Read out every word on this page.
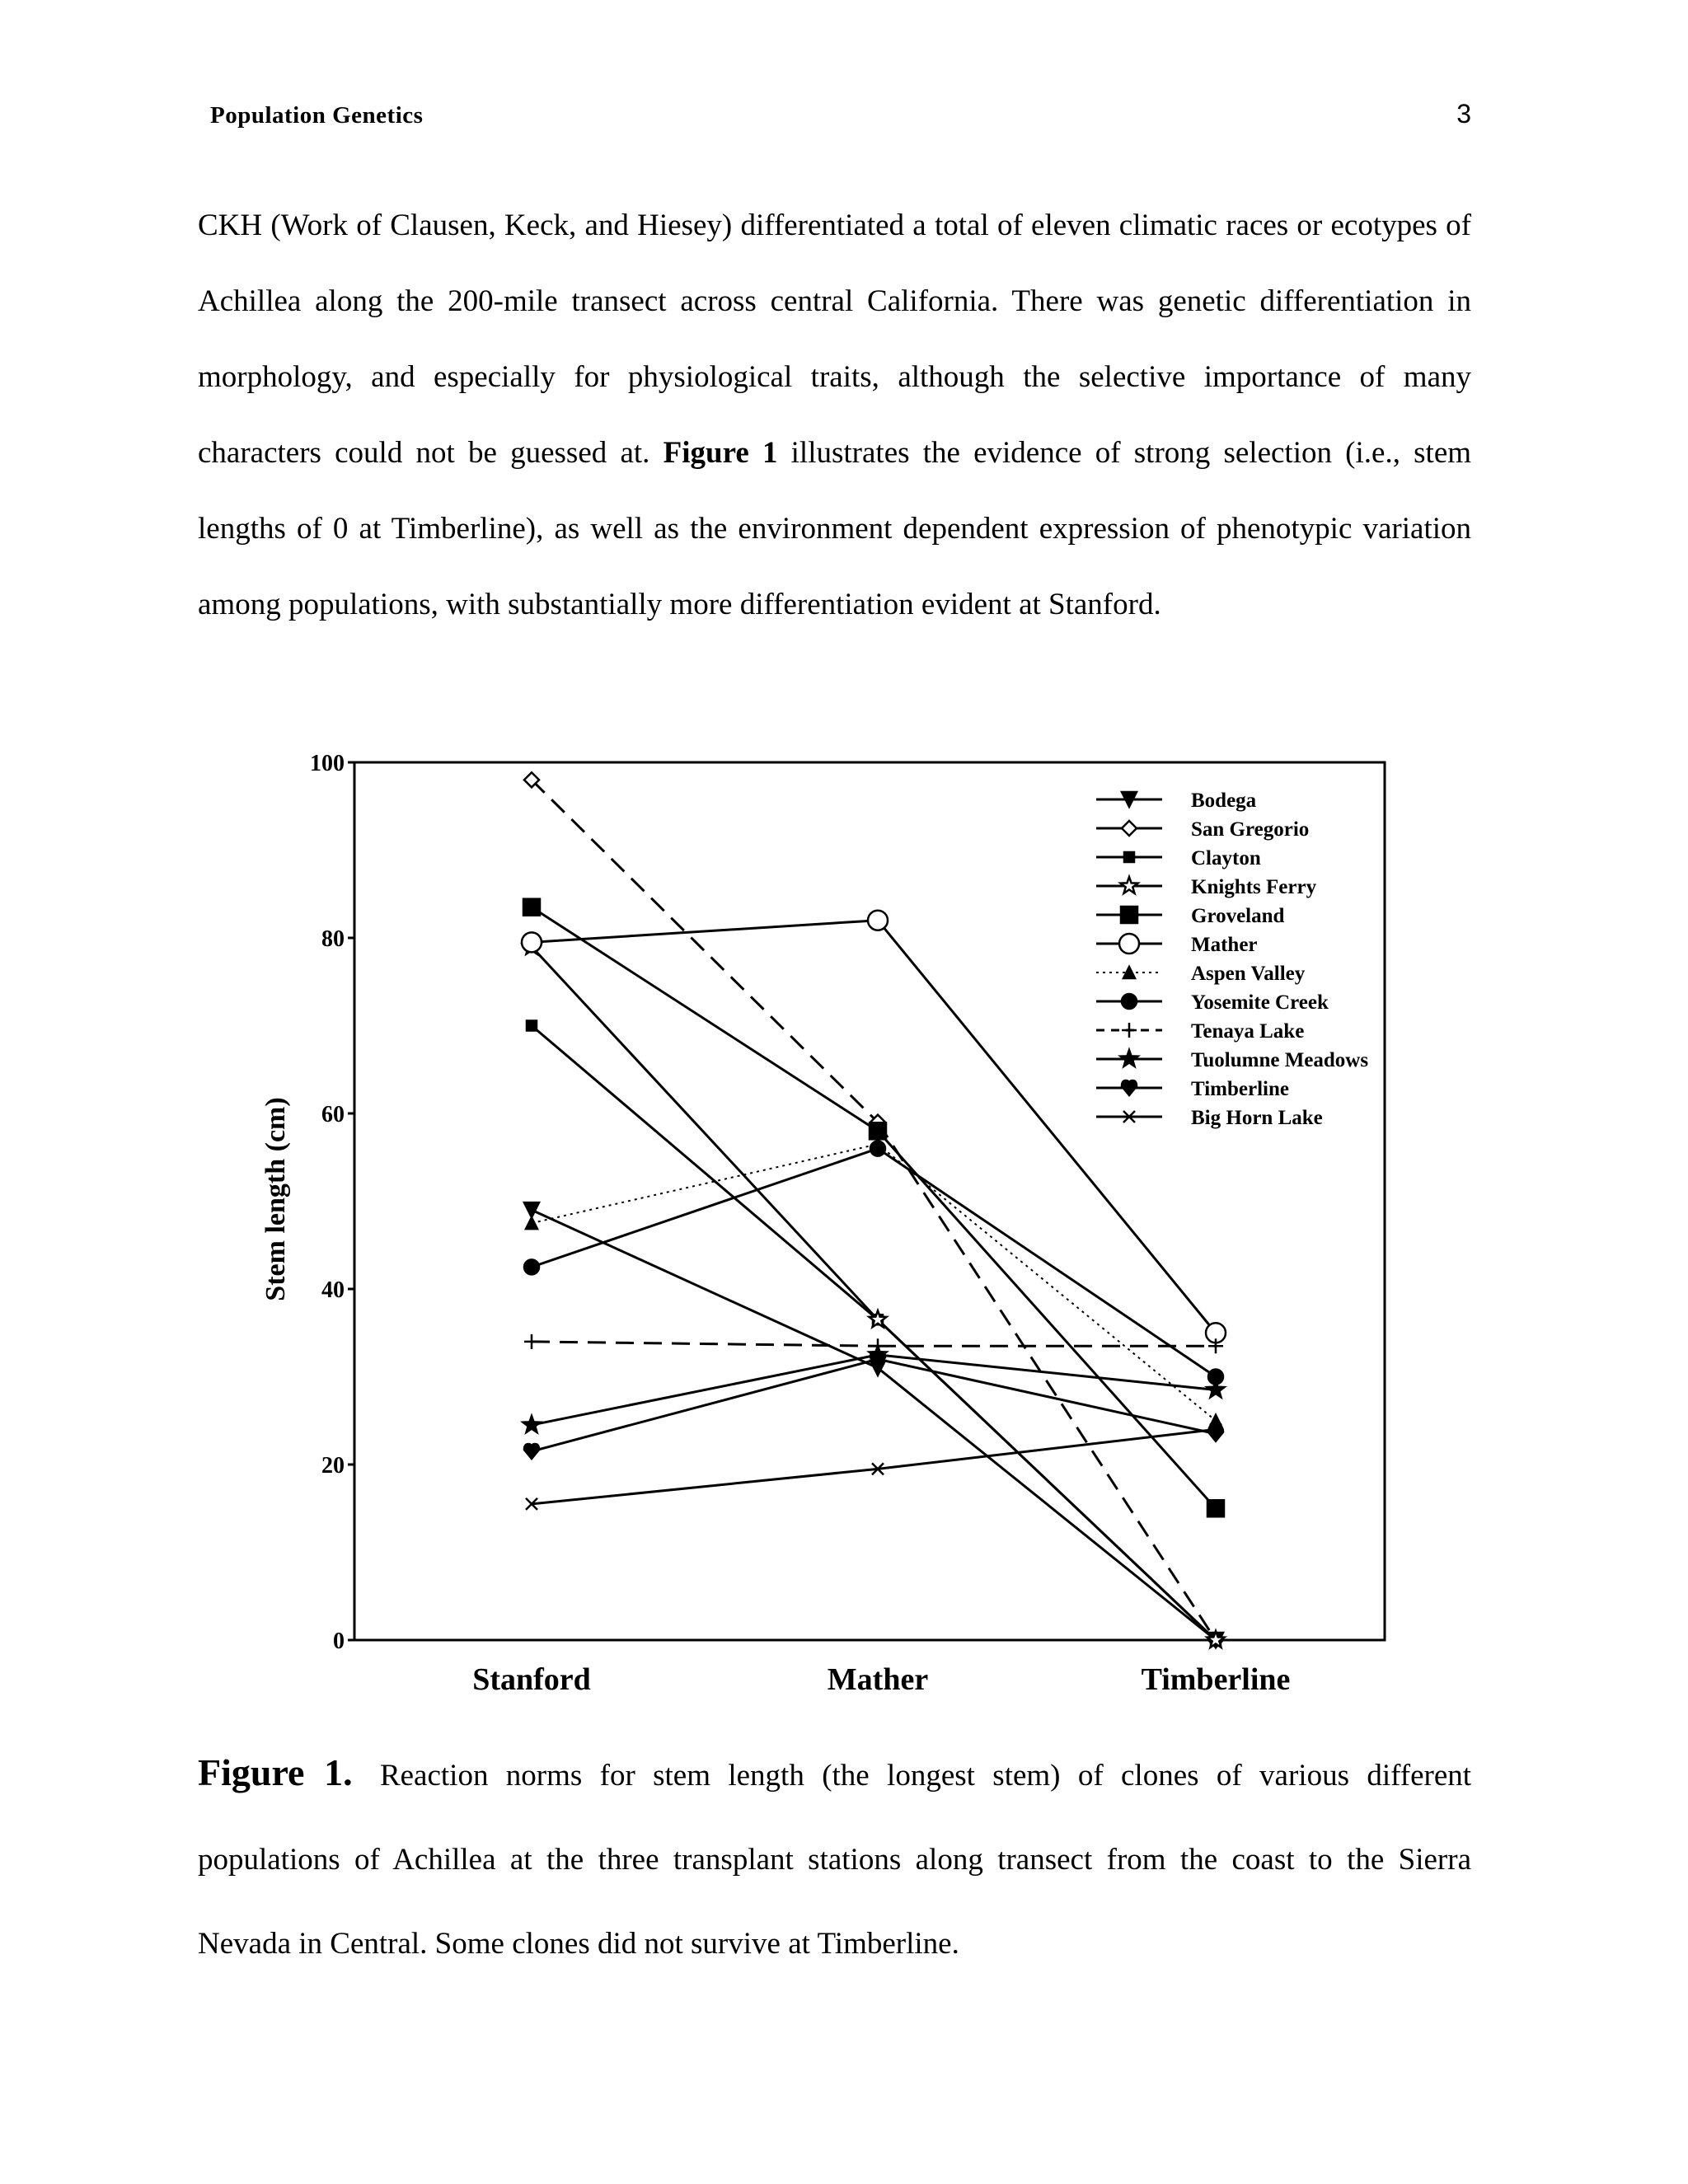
Population Genetics	3

CKH (Work of Clausen, Keck, and Hiesey) differentiated a total of eleven climatic races or ecotypes of Achillea along the 200-mile transect across central California. There was genetic differentiation in morphology, and especially for physiological traits, although the selective importance of many characters could not be guessed at. Figure 1 illustrates the evidence of strong selection (i.e., stem lengths of 0 at Timberline), as well as the environment dependent expression of phenotypic variation among populations, with substantially more differentiation evident at Stanford.

0
20
40
60
80
100
Stanford	Mather	Timberline
Stem length (cm)
Bodega
San Gregorio
Clayton
Knights Ferry
Groveland
Mather
Aspen Valley
Yosemite Creek
Tenaya Lake
Tuolumne Meadows
Timberline
Big Horn Lake
Figure 1. Reaction norms for stem length (the longest stem) of clones of various different populations of Achillea at the three transplant stations along transect from the coast to the Sierra Nevada in Central. Some clones did not survive at Timberline.
